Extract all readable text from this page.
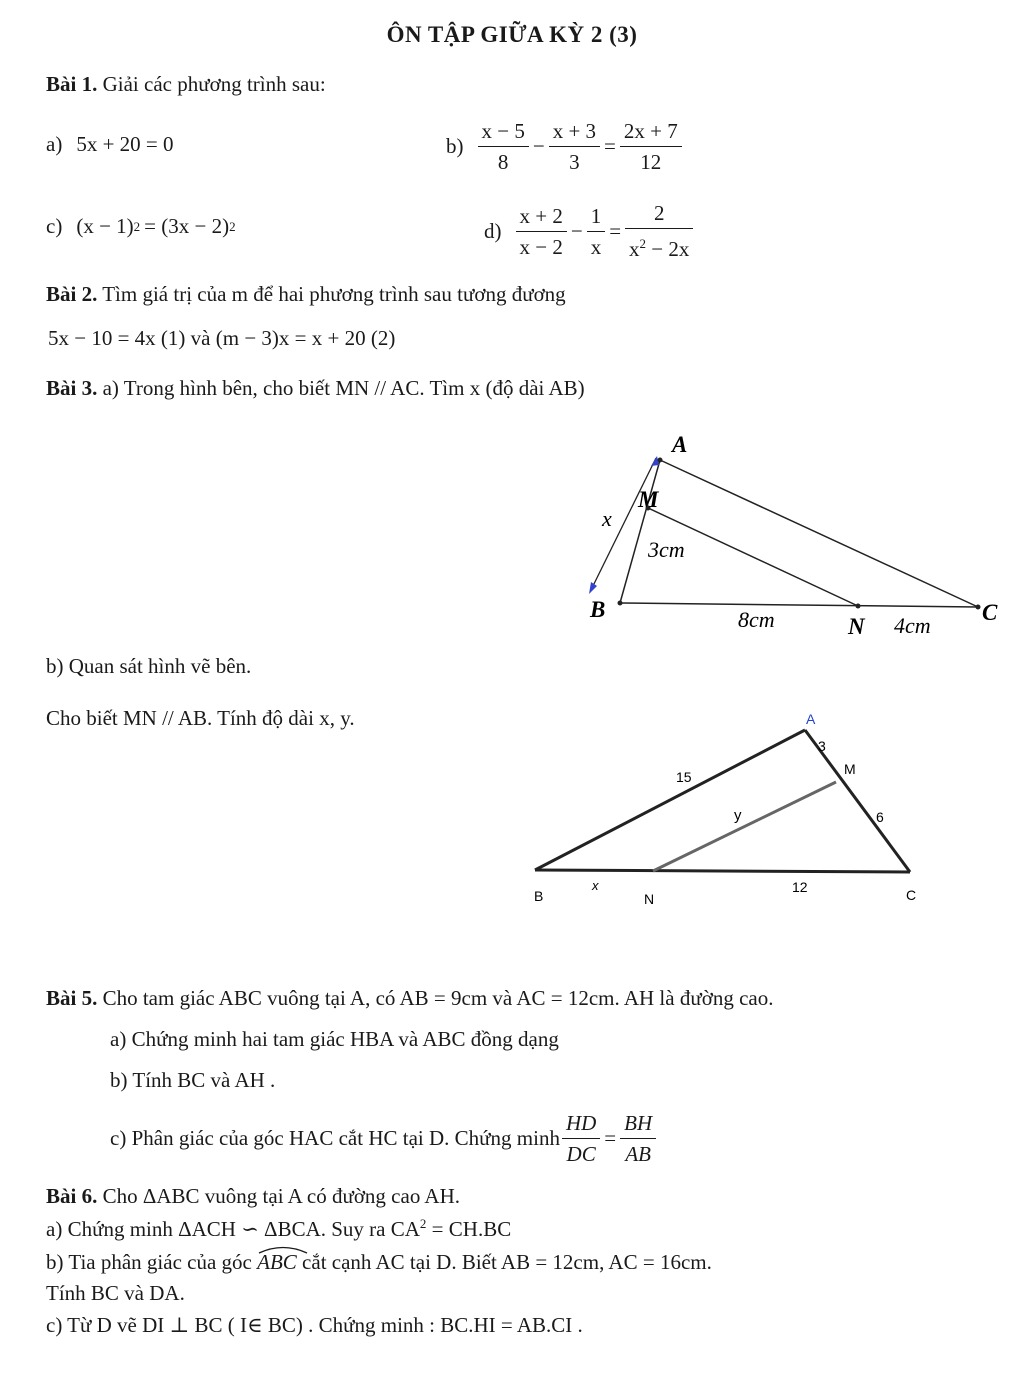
ÔN TẬP GIỮA KỲ 2 (3)
Bài 1. Giải các phương trình sau:
a) 5x + 20 = 0	$b) \frac{x - 5}{8} - \frac{x + 3}{3} = \frac{2x + 7}{12}$
c) (x − 1) 2 = (3x − 2) 2	$d) \frac{x + 2}{x - 2} - \frac{1}{x} = \frac{2}{x^2 - 2x}$
Bài 2. Tìm giá trị của m để hai phương trình sau tương đương
5x − 10 = 4x (1) và (m − 3)x = x + 20 (2)
Bài 3. a) Trong hình bên, cho biết MN // AC. Tìm x (độ dài AB)
A
M
B
N
C
x
3cm
8cm	4cm
b) Quan sát hình vẽ bên.
Cho biết MN // AB. Tính độ dài x, y.	A
M
B	N	C
15
3
6
y
x	12
Bài 5. Cho tam giác ABC vuông tại A, có AB = 9cm và AC = 12cm. AH là đường cao.
a) Chứng minh hai tam giác HBA và ABC đồng dạng
b) Tính BC và AH .
c) Phân giác của góc HAC cắt HC tại D. Chứng minh $\frac{HD}{DC} = \frac{BH}{AB}$
Bài 6. Cho ΔABC vuông tại A có đường cao AH.
a) Chứng minh ΔACH ∽ ΔBCA. Suy ra $CA^2 = CH.BC$
b) Tia phân giác của góc
ABC cắt cạnh AC tại D. Biết AB = 12cm, AC = 16cm.
Tính BC và DA.
c) Từ D vẽ DI ⊥ BC ( I∈ BC) . Chứng minh : BC.HI = AB.CI .
